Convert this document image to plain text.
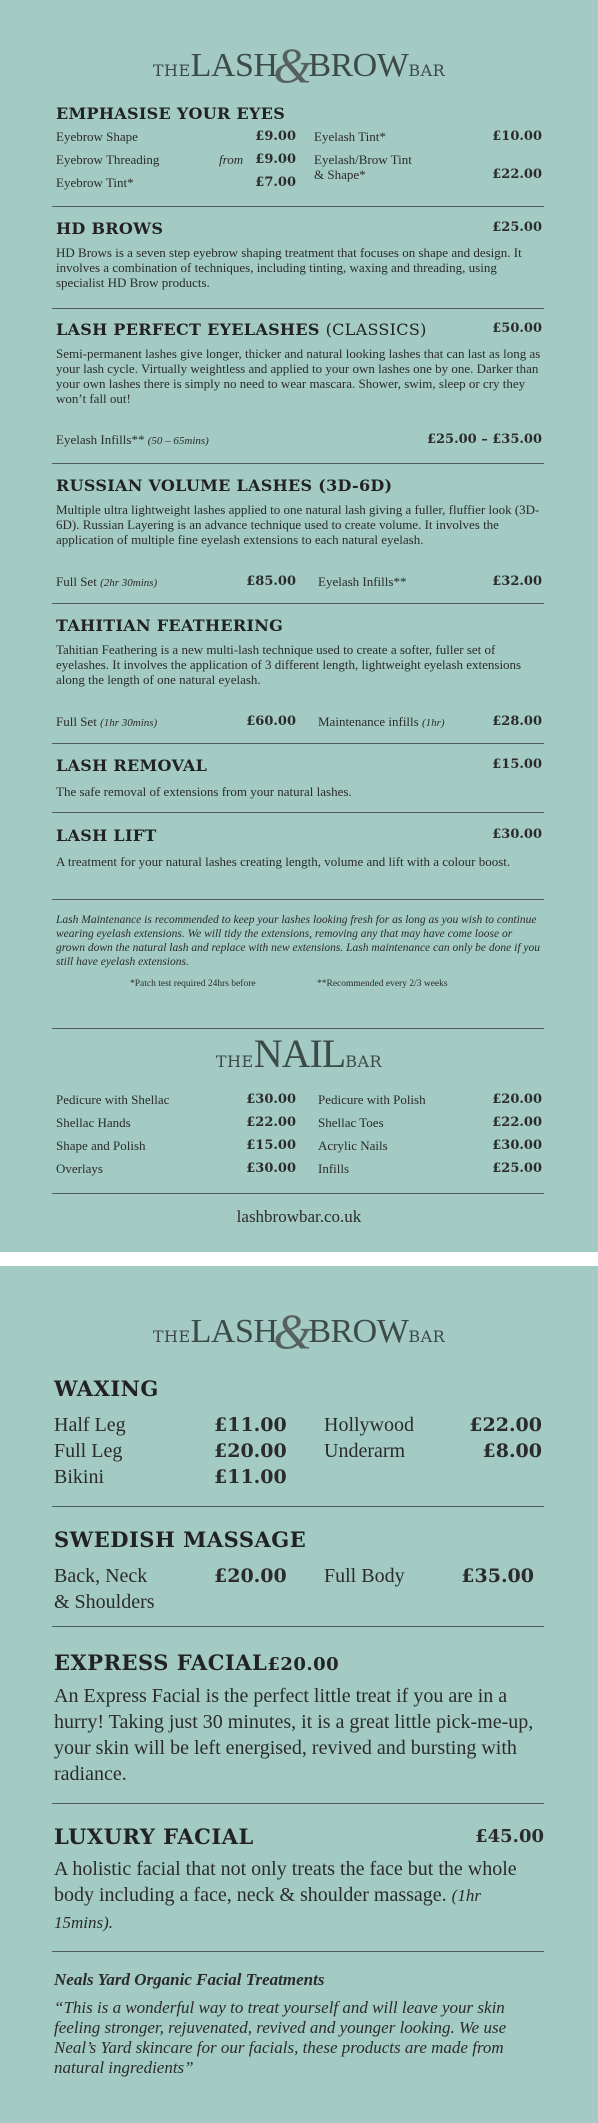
THELASH&BROWBAR
EMPHASISE YOUR EYES
Eyebrow Shape	£9.00
Eyebrow Threading	from £9.00
Eyebrow Tint*	£7.00
Eyelash Tint*	£10.00
Eyelash/Brow Tint
& Shape*	£22.00
HD BROWS	£25.00

HD Brows is a seven step eyebrow shaping treatment that focuses on shape and design. It involves a combination of techniques, including tinting, waxing and threading, using specialist HD Brow products.

LASH PERFECT EYELASHES (CLASSICS)	£50.00

Semi-permanent lashes give longer, thicker and natural looking lashes that can last as long as your lash cycle. Virtually weightless and applied to your own lashes one by one. Darker than your own lashes there is simply no need to wear mascara. Shower, swim, sleep or cry they won’t fall out!

Eyelash Infills** (50 – 65mins)	£25.00 – £35.00
RUSSIAN VOLUME LASHES (3D-6D)

Multiple ultra lightweight lashes applied to one natural lash giving a fuller, fluffier look (3D-6D). Russian Layering is an advance technique used to create volume. It involves the application of multiple fine eyelash extensions to each natural eyelash.

Full Set (2hr 30mins)	£85.00 Eyelash Infills**	£32.00
TAHITIAN FEATHERING

Tahitian Feathering is a new multi-lash technique used to create a softer, fuller set of eyelashes. It involves the application of 3 different length, lightweight eyelash extensions along the length of one natural eyelash.

Full Set (1hr 30mins)	£60.00 Maintenance infills (1hr)	£28.00
LASH REMOVAL	£15.00

The safe removal of extensions from your natural lashes.

LASH LIFT	£30.00

A treatment for your natural lashes creating length, volume and lift with a colour boost.

Lash Maintenance is recommended to keep your lashes looking fresh for as long as you wish to continue wearing eyelash extensions. We will tidy the extensions, removing any that may have come loose or grown down the natural lash and replace with new extensions. Lash maintenance can only be done if you still have eyelash extensions.
*Patch test required 24hrs before	**Recommended every 2/3 weeks
THENAILBAR
Pedicure with Shellac	£30.00
Shellac Hands	£22.00
Shape and Polish	£15.00
Overlays	£30.00
Pedicure with Polish	£20.00
Shellac Toes	£22.00
Acrylic Nails	£30.00
Infills	£25.00
lashbrowbar.co.uk
THELASH&BROWBAR
WAXING
Half Leg	£11.00
Full Leg	£20.00
Bikini	£11.00
Hollywood	£22.00
Underarm	£8.00
SWEDISH MASSAGE
Back, Neck
& Shoulders
£20.00 Full Body	£35.00
EXPRESS FACIAL£20.00

An Express Facial is the perfect little treat if you are in a hurry! Taking just 30 minutes, it is a great little pick-me-up, your skin will be left energised, revived and bursting with radiance.

LUXURY FACIAL	£45.00

A holistic facial that not only treats the face but the whole body including a face, neck & shoulder massage. (1hr 15mins).

Neals Yard Organic Facial Treatments
“This is a wonderful way to treat yourself and will leave your skin feeling stronger, rejuvenated, revived and younger looking. We use Neal’s Yard skincare for our facials, these products are made from natural ingredients”
